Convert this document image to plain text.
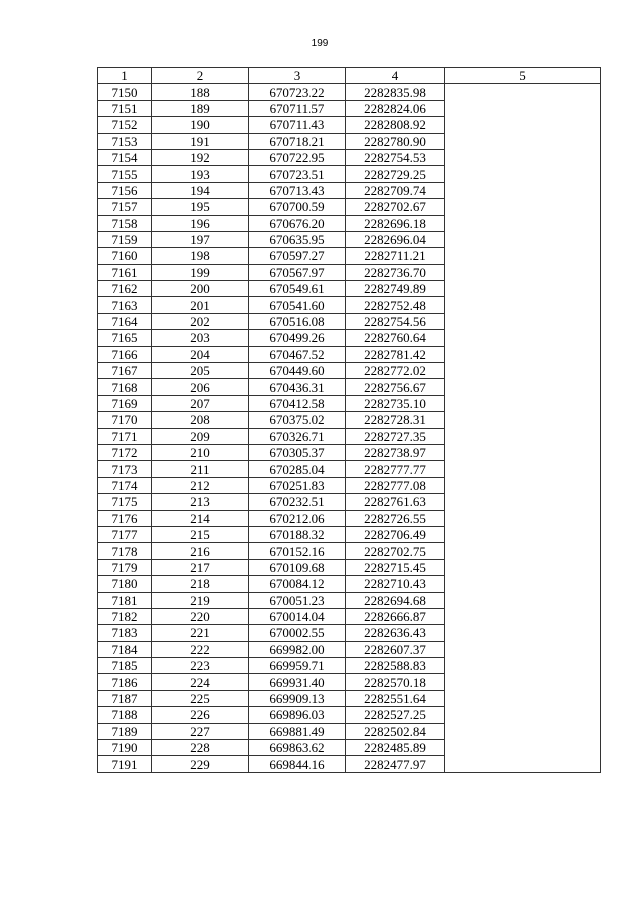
199
1	2	3	4	5
7150	188	670723.22	2282835.98	
7151	189	670711.57	2282824.06	
7152	190	670711.43	2282808.92	
7153	191	670718.21	2282780.90	
7154	192	670722.95	2282754.53	
7155	193	670723.51	2282729.25	
7156	194	670713.43	2282709.74	
7157	195	670700.59	2282702.67	
7158	196	670676.20	2282696.18	
7159	197	670635.95	2282696.04	
7160	198	670597.27	2282711.21	
7161	199	670567.97	2282736.70	
7162	200	670549.61	2282749.89	
7163	201	670541.60	2282752.48	
7164	202	670516.08	2282754.56	
7165	203	670499.26	2282760.64	
7166	204	670467.52	2282781.42	
7167	205	670449.60	2282772.02	
7168	206	670436.31	2282756.67	
7169	207	670412.58	2282735.10	
7170	208	670375.02	2282728.31	
7171	209	670326.71	2282727.35	
7172	210	670305.37	2282738.97	
7173	211	670285.04	2282777.77	
7174	212	670251.83	2282777.08	
7175	213	670232.51	2282761.63	
7176	214	670212.06	2282726.55	
7177	215	670188.32	2282706.49	
7178	216	670152.16	2282702.75	
7179	217	670109.68	2282715.45	
7180	218	670084.12	2282710.43	
7181	219	670051.23	2282694.68	
7182	220	670014.04	2282666.87	
7183	221	670002.55	2282636.43	
7184	222	669982.00	2282607.37	
7185	223	669959.71	2282588.83	
7186	224	669931.40	2282570.18	
7187	225	669909.13	2282551.64	
7188	226	669896.03	2282527.25	
7189	227	669881.49	2282502.84	
7190	228	669863.62	2282485.89	
7191	229	669844.16	2282477.97	
